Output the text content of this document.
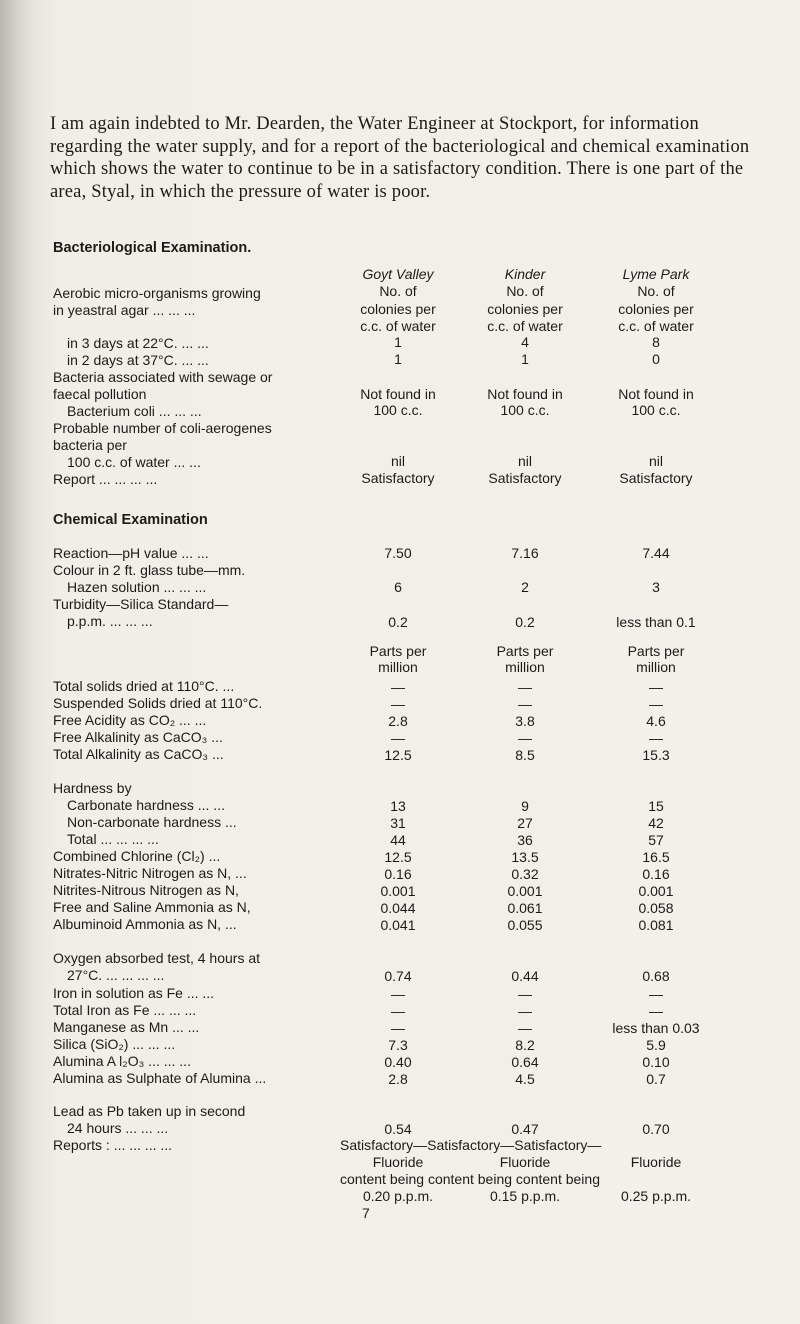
I am again indebted to Mr. Dearden, the Water Engineer at Stockport, for information regarding the water supply, and for a report of the bacteriological and chemical examination which shows the water to continue to be in a satisfactory condition. There is one part of the area, Styal, in which the pressure of water is poor.
Bacteriological Examination.
Goyt Valley	Kinder	Lyme Park
Aerobic micro-organisms growing	No. of	No. of	No. of
in yeastral agar ... ... ...	colonies per	colonies per	colonies per
c.c. of water	c.c. of water	c.c. of water
in 3 days at 22°C. ... ...	1	4	8
in 2 days at 37°C. ... ...	1	1	0
Bacteria associated with sewage or
faecal pollution	Not found in	Not found in	Not found in
Bacterium coli ... ... ...	100 c.c.	100 c.c.	100 c.c.
Probable number of coli-aerogenes
bacteria per
100 c.c. of water ... ...	nil	nil	nil
Report ... ... ... ...	Satisfactory	Satisfactory	Satisfactory
Chemical Examination
Reaction—pH value ... ...	7.50	7.16	7.44
Colour in 2 ft. glass tube—mm.
Hazen solution ... ... ...	6	2	3
Turbidity—Silica Standard—
p.p.m. ... ... ...	0.2	0.2	less than 0.1
Parts per	Parts per	Parts per
million	million	million
Total solids dried at 110°C. ...	—	—	—
Suspended Solids dried at 110°C.	—	—	—
Free Acidity as CO₂ ... ...	2.8	3.8	4.6
Free Alkalinity as CaCO₃ ...	—	—	—
Total Alkalinity as CaCO₃ ...	12.5	8.5	15.3
Hardness by
Carbonate hardness ... ...	13	9	15
Non-carbonate hardness ...	31	27	42
Total ... ... ... ...	44	36	57
Combined Chlorine (Cl₂) ...	12.5	13.5	16.5
Nitrates-Nitric Nitrogen as N, ...	0.16	0.32	0.16
Nitrites-Nitrous Nitrogen as N,	0.001	0.001	0.001
Free and Saline Ammonia as N,	0.044	0.061	0.058
Albuminoid Ammonia as N, ...	0.041	0.055	0.081
Oxygen absorbed test, 4 hours at
27°C. ... ... ... ...	0.74	0.44	0.68
Iron in solution as Fe ... ...	—	—	—
Total Iron as Fe ... ... ...	—	—	—
Manganese as Mn ... ...	—	—	less than 0.03
Silica (SiO₂) ... ... ...	7.3	8.2	5.9
Alumina A l₂O₃ ... ... ...	0.40	0.64	0.10
Alumina as Sulphate of Alumina ...	2.8	4.5	0.7
Lead as Pb taken up in second
24 hours ... ... ...	0.54	0.47	0.70
Reports : ... ... ... ...	Satisfactory—Satisfactory—Satisfactory—
Fluoride	Fluoride	Fluoride
content being content being content being
0.20 p.p.m.	0.15 p.p.m.	0.25 p.p.m.
7
